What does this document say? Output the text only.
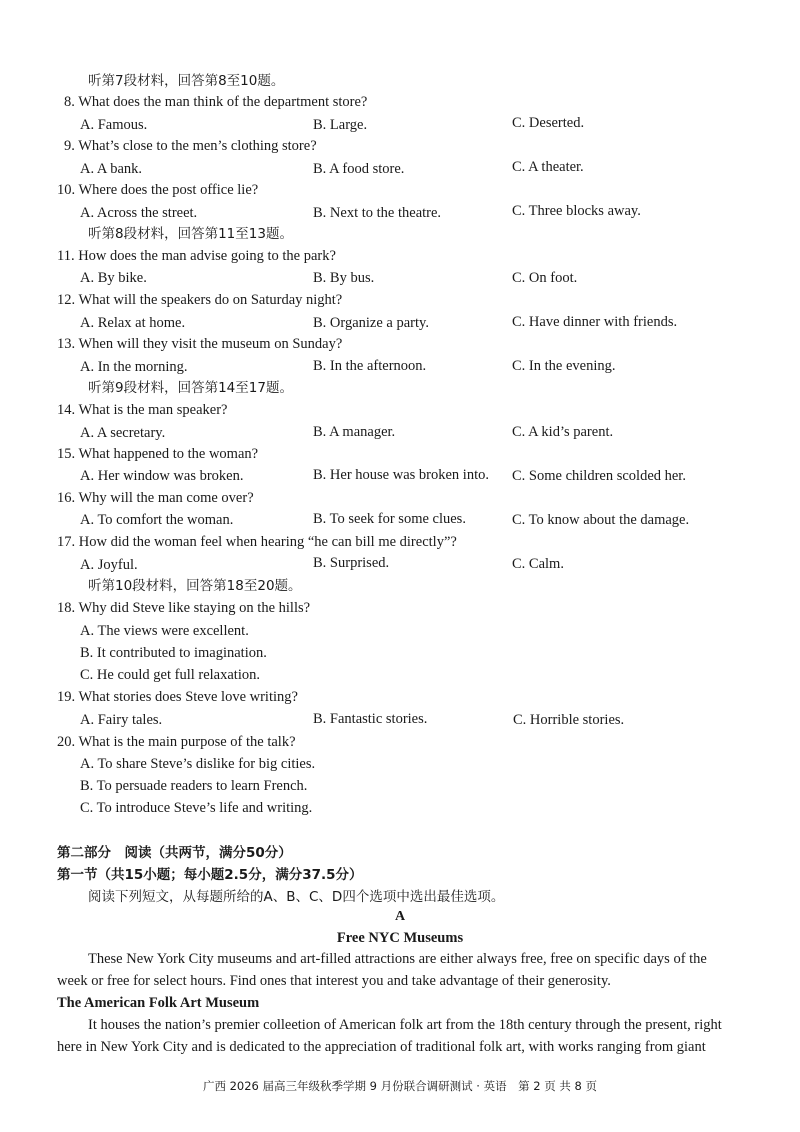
听第7段材料，回答第8至10题。
8. What does the man think of the department store?
A. Famous.	B. Large.	C. Deserted.
9. What’s close to the men’s clothing store?
A. A bank.	B. A food store.	C. A theater.
10. Where does the post office lie?
A. Across the street.	B. Next to the theatre.	C. Three blocks away.
听第8段材料，回答第11至13题。
11. How does the man advise going to the park?
A. By bike.	B. By bus.	C. On foot.
12. What will the speakers do on Saturday night?
A. Relax at home.	B. Organize a party.	C. Have dinner with friends.
13. When will they visit the museum on Sunday?
A. In the morning.	B. In the afternoon.	C. In the evening.
听第9段材料，回答第14至17题。
14. What is the man speaker?
A. A secretary.	B. A manager.	C. A kid’s parent.
15. What happened to the woman?
A. Her window was broken.	B. Her house was broken into. C. Some children scolded her.
16. Why will the man come over?
A. To comfort the woman.	B. To seek for some clues.	C. To know about the damage.
17. How did the woman feel when hearing “he can bill me directly”?
A. Joyful.	B. Surprised.	C. Calm.
听第10段材料，回答第18至20题。
18. Why did Steve like staying on the hills?
A. The views were excellent.
B. It contributed to imagination.
C. He could get full relaxation.
19. What stories does Steve love writing?
A. Fairy tales.	B. Fantastic stories.	C. Horrible stories.
20. What is the main purpose of the talk?
A. To share Steve’s dislike for big cities.
B. To persuade readers to learn French.
C. To introduce Steve’s life and writing.
第二部分　阅读（共两节，满分50分）
第一节（共15小题；每小题2.5分，满分37.5分）
阅读下列短文，从每题所给的A、B、C、D四个选项中选出最佳选项。
A
Free NYC Museums
These New York City museums and art-filled attractions are either always free, free on specific days of the
week or free for select hours. Find ones that interest you and take advantage of their generosity.
The American Folk Art Museum
It houses the nation’s premier colleetion of American folk art from the 18th century through the present, right
here in New York City and is dedicated to the appreciation of traditional folk art, with works ranging from giant
广西 2026 届高三年级秋季学期 9 月份联合调研测试 · 英语　第 2 页 共 8 页
